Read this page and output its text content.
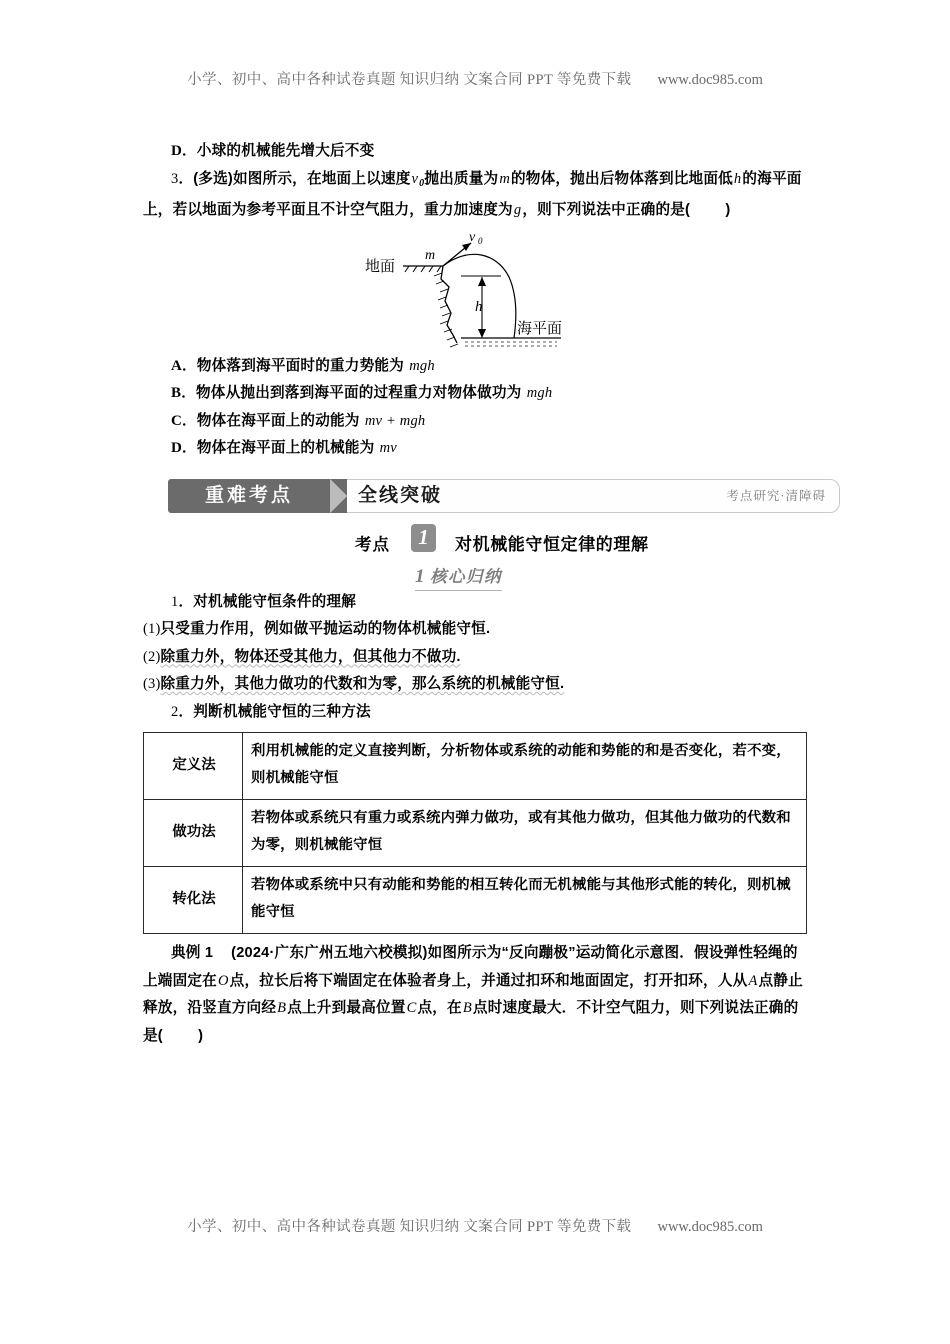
小学、初中、高中各种试卷真题 知识归纳 文案合同 PPT 等免费下载 www.doc985.com
D．小球的机械能先增大后不变
3．(多选)如图所示，在地面上以速度$v_0$抛出质量为m的物体，抛出后物体落到比地面低h的海平面上，若以地面为参考平面且不计空气阻力，重力加速度为g，则下列说法中正确的是( )
地面
m
v 0
h
海平面
A．物体落到海平面时的重力势能为 mgh
B．物体从抛出到落到海平面的过程重力对物体做功为 mgh
C．物体在海平面上的动能为 mv + mgh
D．物体在海平面上的机械能为 mv
重难考点	全线突破	考点研究·清障碍
考点	1	对机械能守恒定律的理解
1 核心归纳
1．对机械能守恒条件的理解
(1)只受重力作用，例如做平抛运动的物体机械能守恒.
(2)除重力外，物体还受其他力，但其他力不做功.
(3)除重力外，其他力做功的代数和为零，那么系统的机械能守恒.
2．判断机械能守恒的三种方法
定义法	利用机械能的定义直接判断，分析物体或系统的动能和势能的和是否变化，若不变，则机械能守恒
做功法	若物体或系统只有重力或系统内弹力做功，或有其他力做功，但其他力做功的代数和为零，则机械能守恒
转化法	若物体或系统中只有动能和势能的相互转化而无机械能与其他形式能的转化，则机械能守恒
典例 1 (2024·广东广州五地六校模拟)如图所示为“反向蹦极”运动简化示意图．假设弹性轻绳的上端固定在O点，拉长后将下端固定在体验者身上，并通过扣环和地面固定，打开扣环，人从A点静止释放，沿竖直方向经B点上升到最高位置C点，在B点时速度最大．不计空气阻力，则下列说法正确的是( )
小学、初中、高中各种试卷真题 知识归纳 文案合同 PPT 等免费下载 www.doc985.com
